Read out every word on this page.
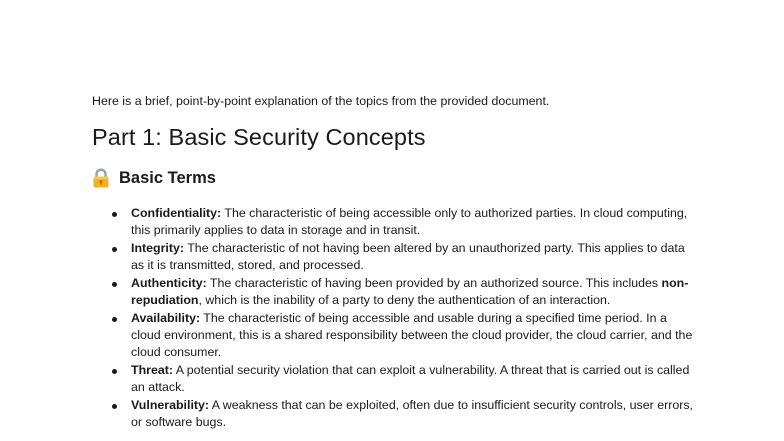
Here is a brief, point-by-point explanation of the topics from the provided document.
Part 1: Basic Security Concepts
Basic Terms
Confidentiality: The characteristic of being accessible only to authorized parties. In cloud computing, this primarily applies to data in storage and in transit.
Integrity: The characteristic of not having been altered by an unauthorized party. This applies to data as it is transmitted, stored, and processed.
Authenticity: The characteristic of having been provided by an authorized source. This includes non-repudiation, which is the inability of a party to deny the authentication of an interaction.
Availability: The characteristic of being accessible and usable during a specified time period. In a cloud environment, this is a shared responsibility between the cloud provider, the cloud carrier, and the cloud consumer.
Threat: A potential security violation that can exploit a vulnerability. A threat that is carried out is called an attack.
Vulnerability: A weakness that can be exploited, often due to insufficient security controls, user errors, or software bugs.
